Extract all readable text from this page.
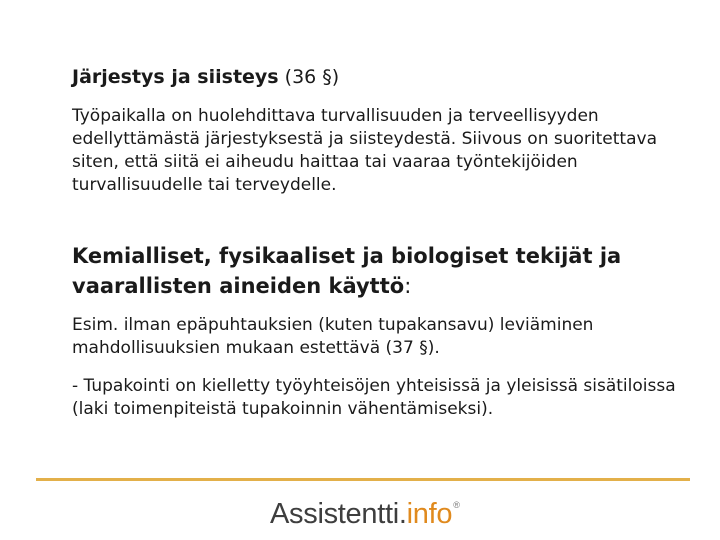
Järjestys ja siisteys (36 §)
Työpaikalla on huolehdittava turvallisuuden ja terveellisyyden edellyttämästä järjestyksestä ja siisteydestä. Siivous on suoritettava siten, että siitä ei aiheudu haittaa tai vaaraa työntekijöiden turvallisuudelle tai terveydelle.
Kemialliset, fysikaaliset ja biologiset tekijät ja vaarallisten aineiden käyttö:
Esim. ilman epäpuhtauksien (kuten tupakansavu) leviäminen mahdollisuuksien mukaan estettävä (37 §).
- Tupakointi on kielletty työyhteisöjen yhteisissä ja yleisissä sisätiloissa (laki toimenpiteistä tupakoinnin vähentämiseksi).
Assistentti.info®
